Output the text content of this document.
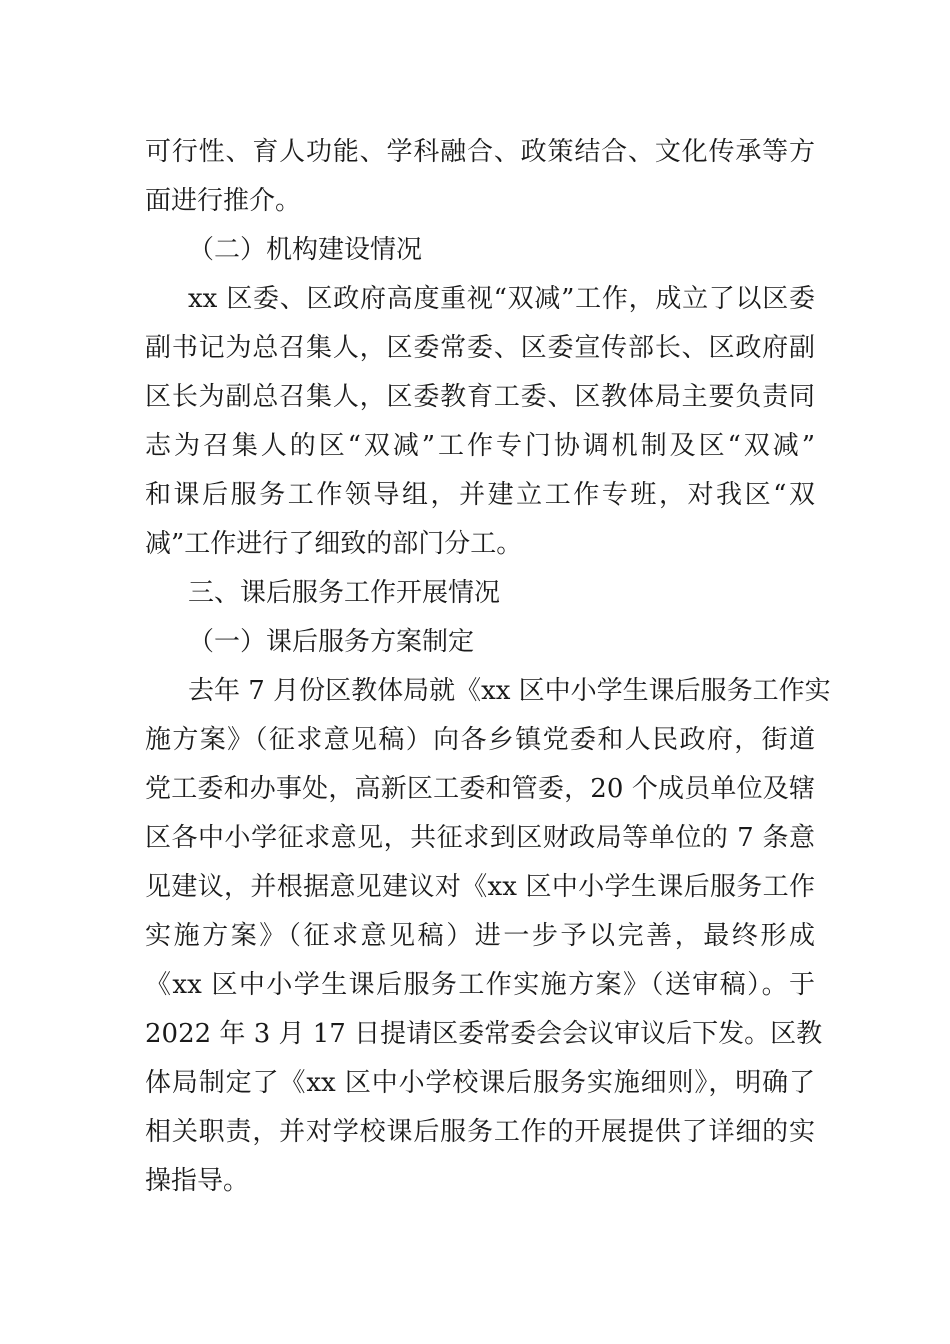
可行性、育人功能、学科融合、政策结合、文化传承等方
面进行推介。
（二）机构建设情况
xx 区委、区政府高度重视“双减”工作，成立了以区委
副书记为总召集人，区委常委、区委宣传部长、区政府副
区长为副总召集人，区委教育工委、区教体局主要负责同
志为召集人的区“双减”工作专门协调机制及区“双减”
和课后服务工作领导组，并建立工作专班，对我区“双
减”工作进行了细致的部门分工。
三、课后服务工作开展情况
（一）课后服务方案制定
去年 7 月份区教体局就《xx 区中小学生课后服务工作实
施方案》（征求意见稿）向各乡镇党委和人民政府，街道
党工委和办事处，高新区工委和管委，20 个成员单位及辖
区各中小学征求意见，共征求到区财政局等单位的 7 条意
见建议，并根据意见建议对《xx 区中小学生课后服务工作
实施方案》（征求意见稿）进一步予以完善，最终形成
《xx 区中小学生课后服务工作实施方案》（送审稿）。于
2022 年 3 月 17 日提请区委常委会会议审议后下发。区教
体局制定了《xx 区中小学校课后服务实施细则》，明确了
相关职责，并对学校课后服务工作的开展提供了详细的实
操指导。
